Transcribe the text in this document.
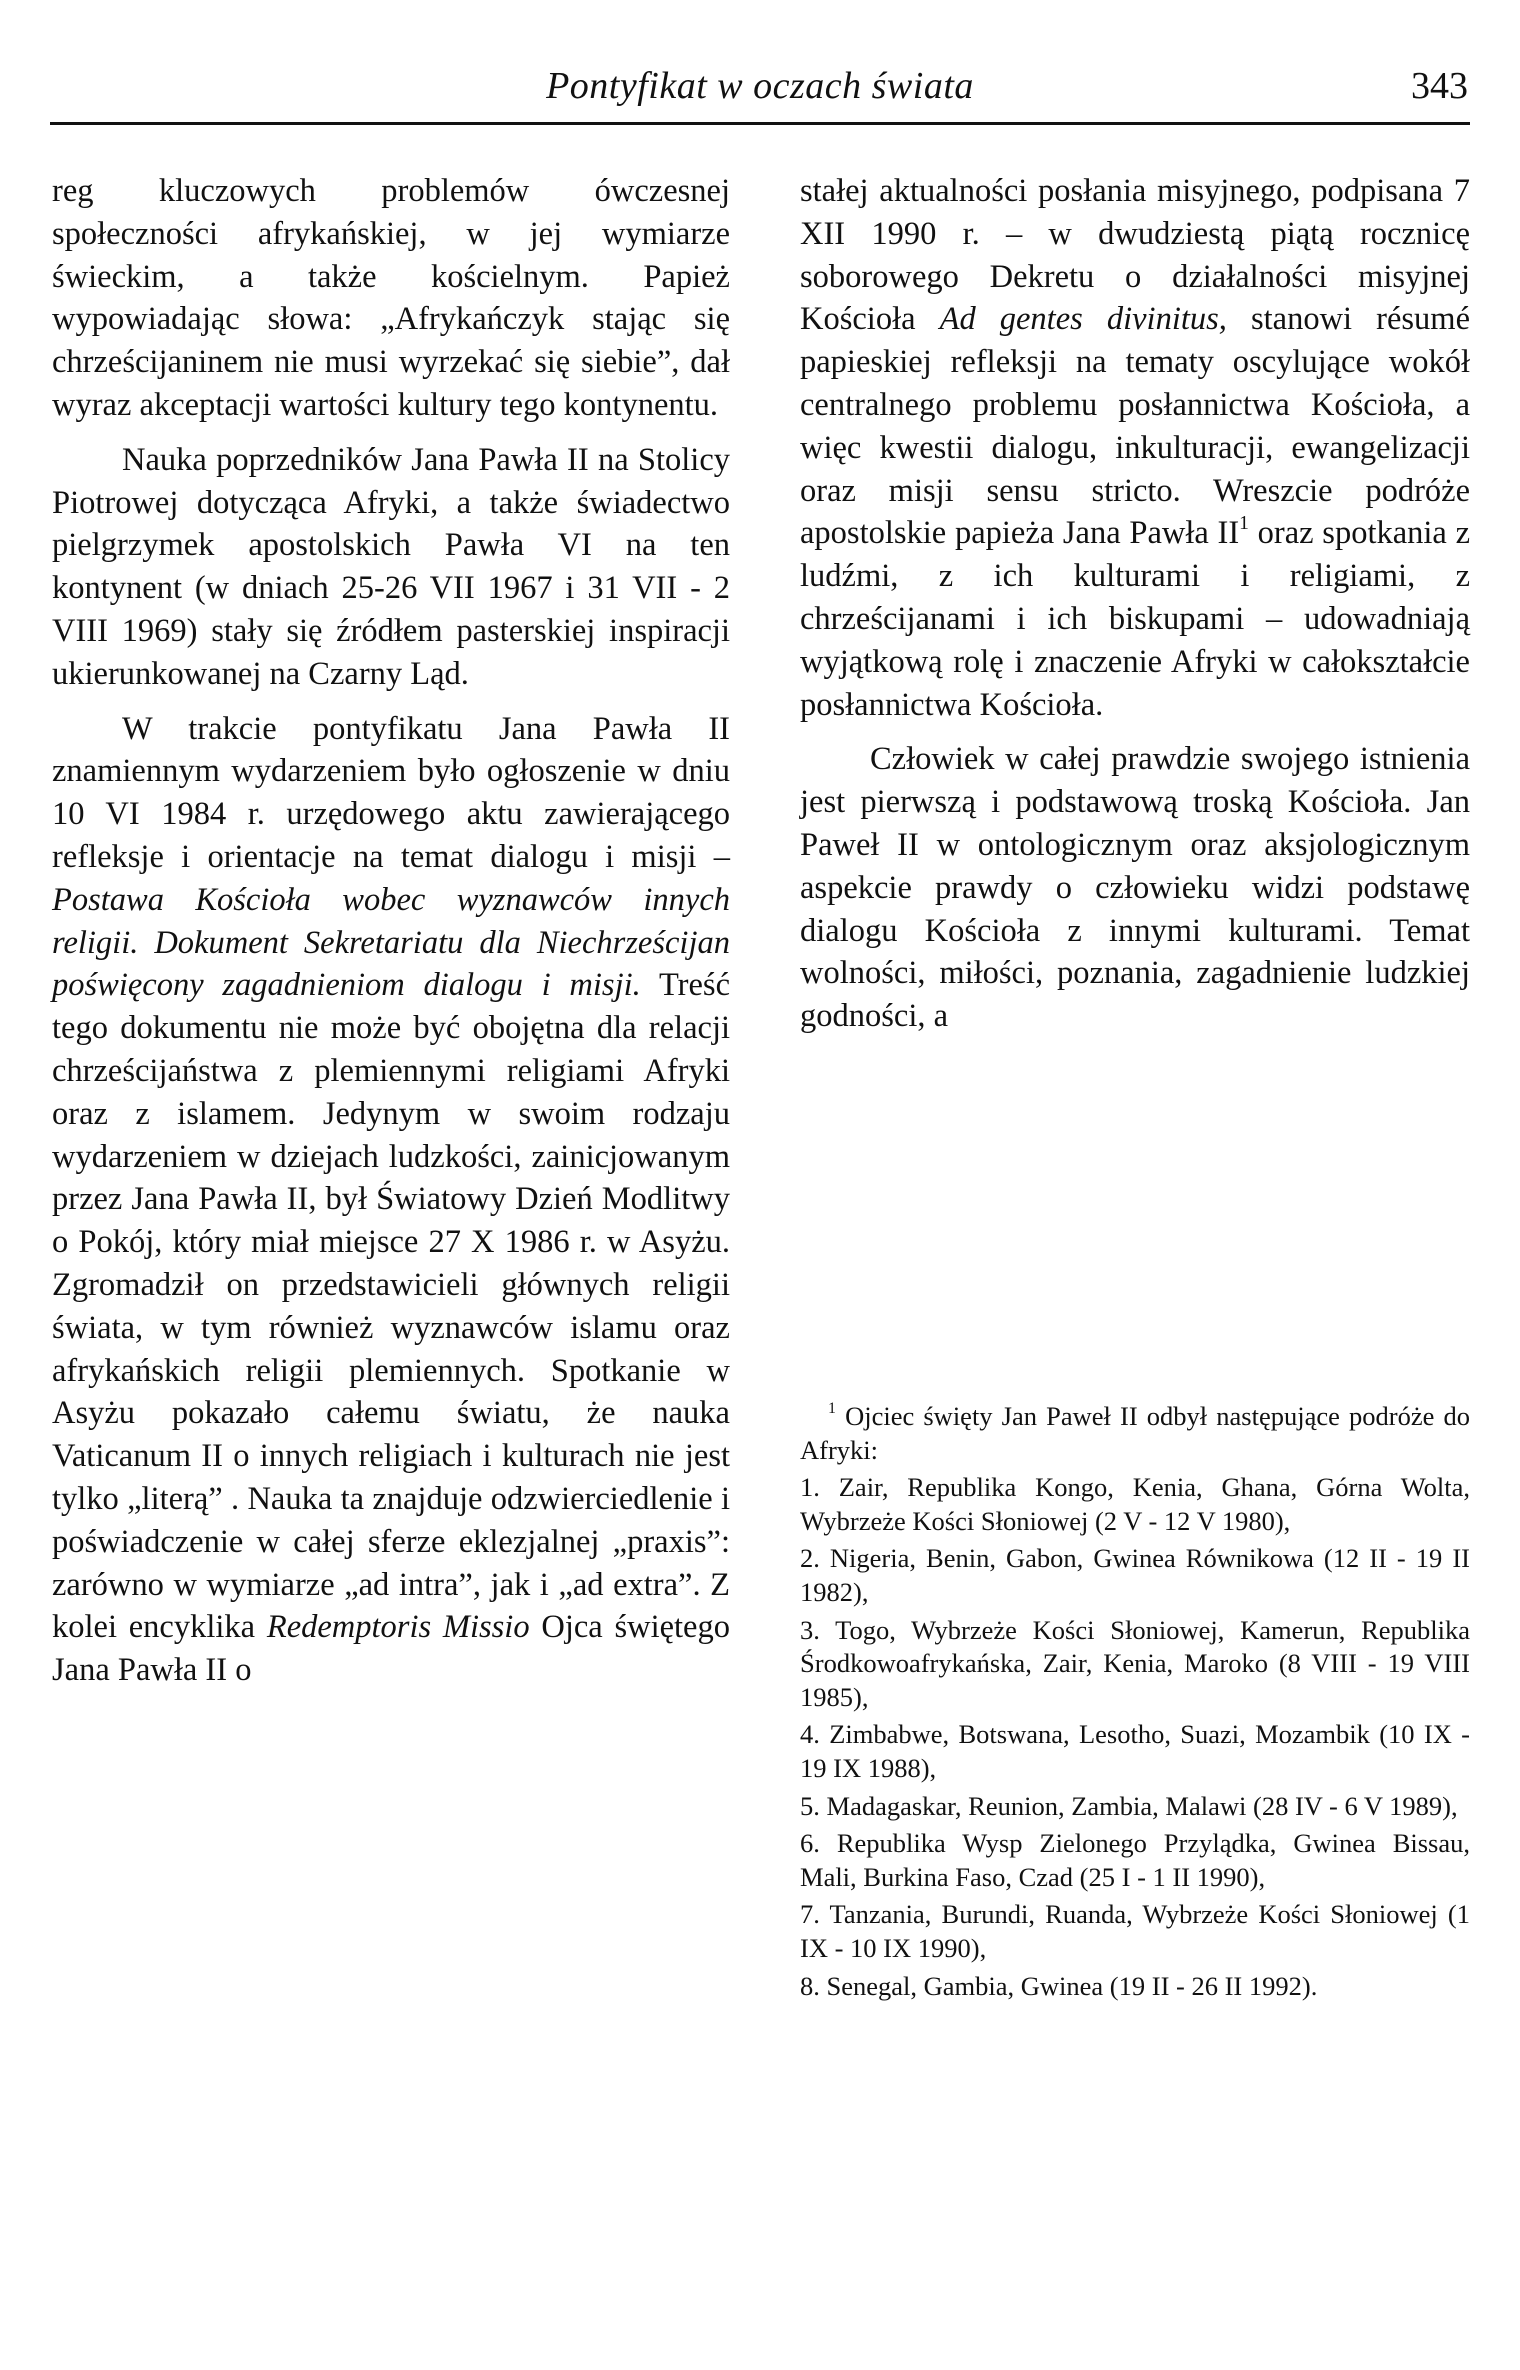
Pontyfikat w oczach świata	343

reg kluczowych problemów ówczesnej społeczności afrykańskiej, w jej wymiarze świeckim, a także kościelnym. Papież wypowiadając słowa: „Afrykańczyk stając się chrześcijaninem nie musi wyrzekać się siebie”, dał wyraz akceptacji wartości kultury tego kontynentu.

Nauka poprzedników Jana Pawła II na Stolicy Piotrowej dotycząca Afryki, a także świadectwo pielgrzymek apostolskich Pawła VI na ten kontynent (w dniach 25-26 VII 1967 i 31 VII - 2 VIII 1969) stały się źródłem pasterskiej inspiracji ukierunkowanej na Czarny Ląd.

W trakcie pontyfikatu Jana Pawła II znamiennym wydarzeniem było ogłoszenie w dniu 10 VI 1984 r. urzędowego aktu zawierającego refleksje i orientacje na temat dialogu i misji – Postawa Kościoła wobec wyznawców innych religii. Dokument Sekretariatu dla Niechrześcijan poświęcony zagadnieniom dialogu i misji. Treść tego dokumentu nie może być obojętna dla relacji chrześcijaństwa z plemiennymi religiami Afryki oraz z islamem. Jedynym w swoim rodzaju wydarzeniem w dziejach ludzkości, zainicjowanym przez Jana Pawła II, był Światowy Dzień Modlitwy o Pokój, który miał miejsce 27 X 1986 r. w Asyżu. Zgromadził on przedstawicieli głównych religii świata, w tym również wyznawców islamu oraz afrykańskich religii plemiennych. Spotkanie w Asyżu pokazało całemu światu, że nauka Vaticanum II o innych religiach i kulturach nie jest tylko „literą” . Nauka ta znajduje odzwierciedlenie i poświadczenie w całej sferze eklezjalnej „praxis”: zarówno w wymiarze „ad intra”, jak i „ad extra”. Z kolei encyklika Redemptoris Missio Ojca świętego Jana Pawła II o

stałej aktualności posłania misyjnego, podpisana 7 XII 1990 r. – w dwudziestą piątą rocznicę soborowego Dekretu o działalności misyjnej Kościoła Ad gentes divinitus, stanowi résumé papieskiej refleksji na tematy oscylujące wokół centralnego problemu posłannictwa Kościoła, a więc kwestii dialogu, inkulturacji, ewangelizacji oraz misji sensu stricto. Wreszcie podróże apostolskie papieża Jana Pawła $II^1$ oraz spotkania z ludźmi, z ich kulturami i religiami, z chrześcijanami i ich biskupami – udowadniają wyjątkową rolę i znaczenie Afryki w całokształcie posłannictwa Kościoła.

Człowiek w całej prawdzie swojego istnienia jest pierwszą i podstawową troską Kościoła. Jan Paweł II w ontologicznym oraz aksjologicznym aspekcie prawdy o człowieku widzi podstawę dialogu Kościoła z innymi kulturami. Temat wolności, miłości, poznania, zagadnienie ludzkiej godności, a

$^1$ Ojciec święty Jan Paweł II odbył następujące podróże do Afryki:

1. Zair, Republika Kongo, Kenia, Ghana, Górna Wolta, Wybrzeże Kości Słoniowej (2 V - 12 V 1980),

2. Nigeria, Benin, Gabon, Gwinea Równikowa (12 II - 19 II 1982),

3. Togo, Wybrzeże Kości Słoniowej, Kamerun, Republika Środkowoafrykańska, Zair, Kenia, Maroko (8 VIII - 19 VIII 1985),

4. Zimbabwe, Botswana, Lesotho, Suazi, Mozambik (10 IX - 19 IX 1988),

5. Madagaskar, Reunion, Zambia, Malawi (28 IV - 6 V 1989),

6. Republika Wysp Zielonego Przylądka, Gwinea Bissau, Mali, Burkina Faso, Czad (25 I - 1 II 1990),

7. Tanzania, Burundi, Ruanda, Wybrzeże Kości Słoniowej (1 IX - 10 IX 1990),

8. Senegal, Gambia, Gwinea (19 II - 26 II 1992).
